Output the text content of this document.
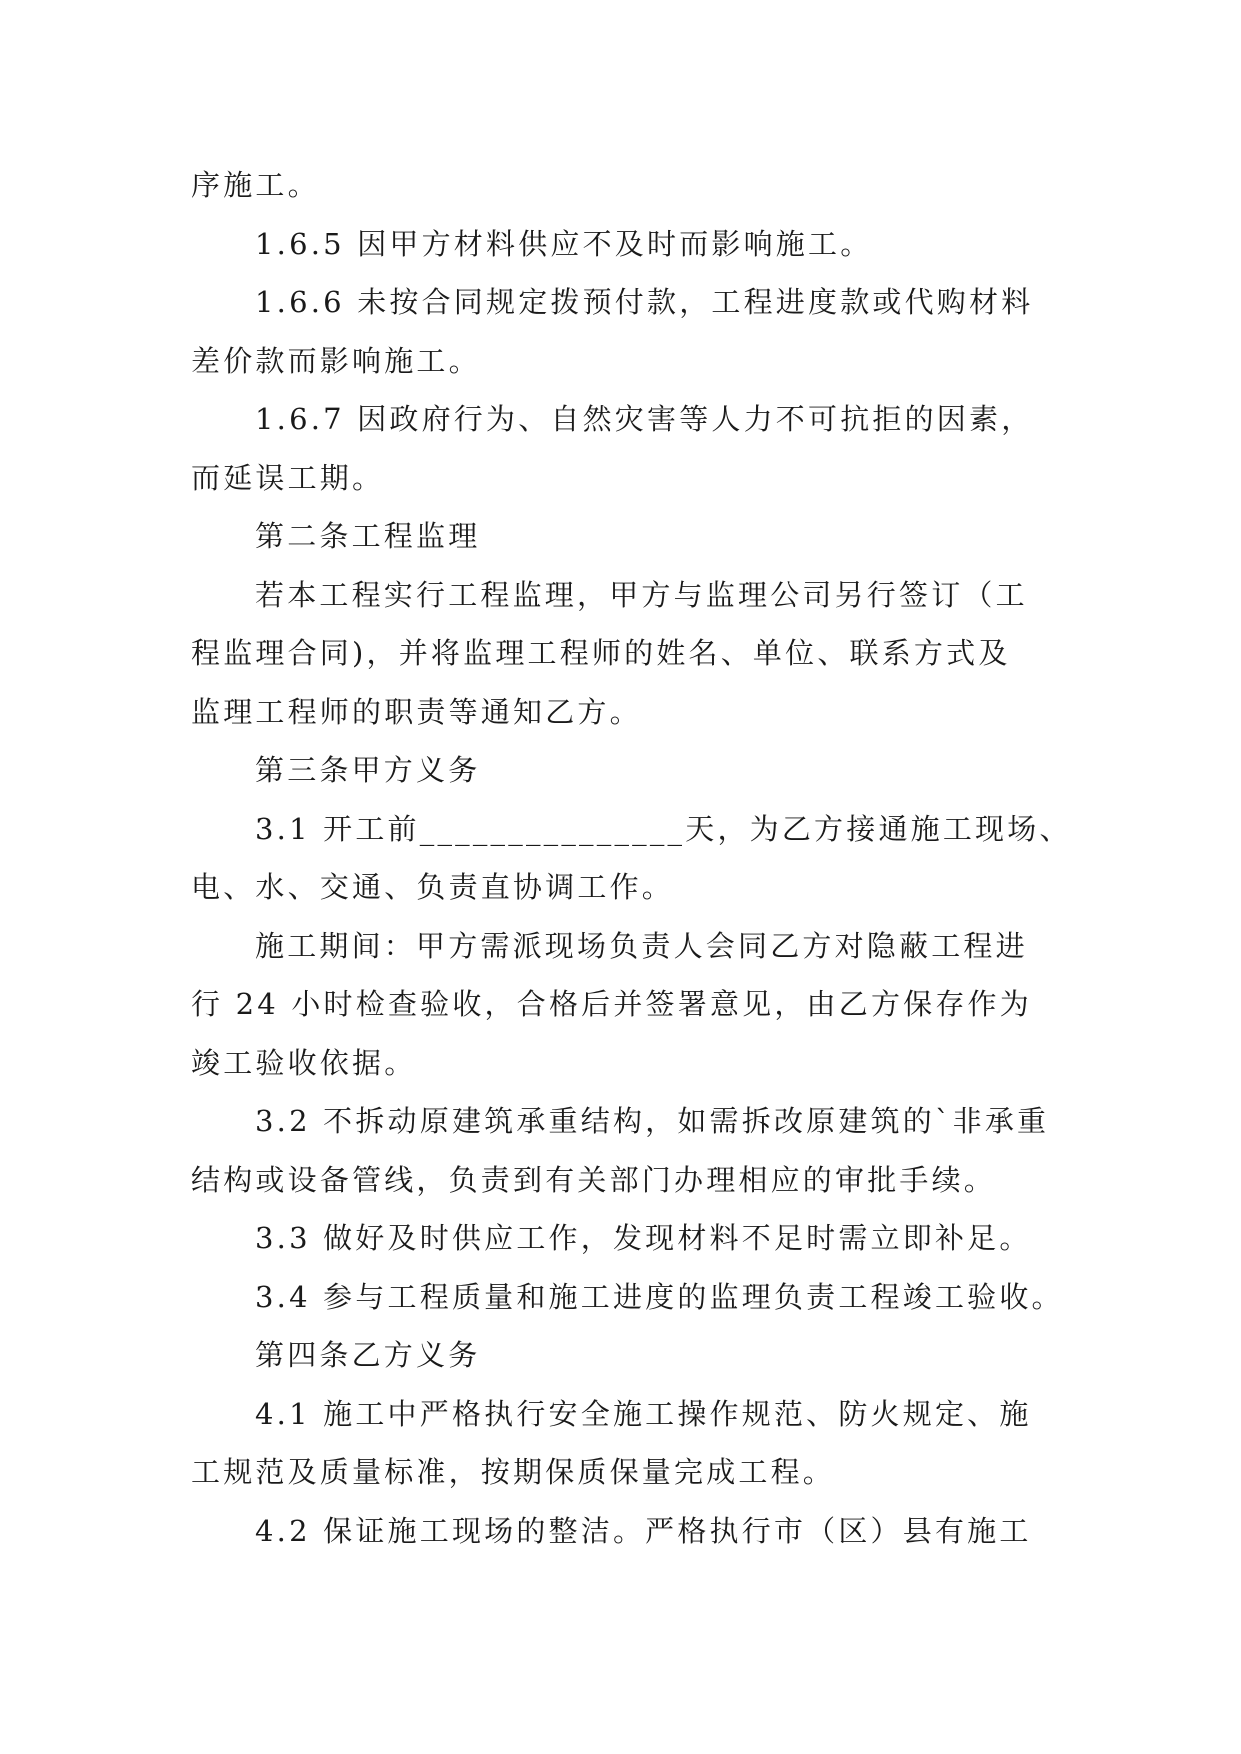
序施工。
1.6.5 因甲方材料供应不及时而影响施工。
1.6.6 未按合同规定拨预付款，工程进度款或代购材料
差价款而影响施工。
1.6.7 因政府行为、自然灾害等人力不可抗拒的因素，
而延误工期。
第二条工程监理
若本工程实行工程监理，甲方与监理公司另行签订（工
程监理合同)，并将监理工程师的姓名、单位、联系方式及
监理工程师的职责等通知乙方。
第三条甲方义务
3.1 开工前_______________天，为乙方接通施工现场、
电、水、交通、负责直协调工作。
施工期间：甲方需派现场负责人会同乙方对隐蔽工程进
行 24 小时检查验收，合格后并签署意见，由乙方保存作为
竣工验收依据。
3.2 不拆动原建筑承重结构，如需拆改原建筑的`非承重
结构或设备管线，负责到有关部门办理相应的审批手续。
3.3 做好及时供应工作，发现材料不足时需立即补足。
3.4 参与工程质量和施工进度的监理负责工程竣工验收。
第四条乙方义务
4.1 施工中严格执行安全施工操作规范、防火规定、施
工规范及质量标准，按期保质保量完成工程。
4.2 保证施工现场的整洁。严格执行市（区）县有施工
